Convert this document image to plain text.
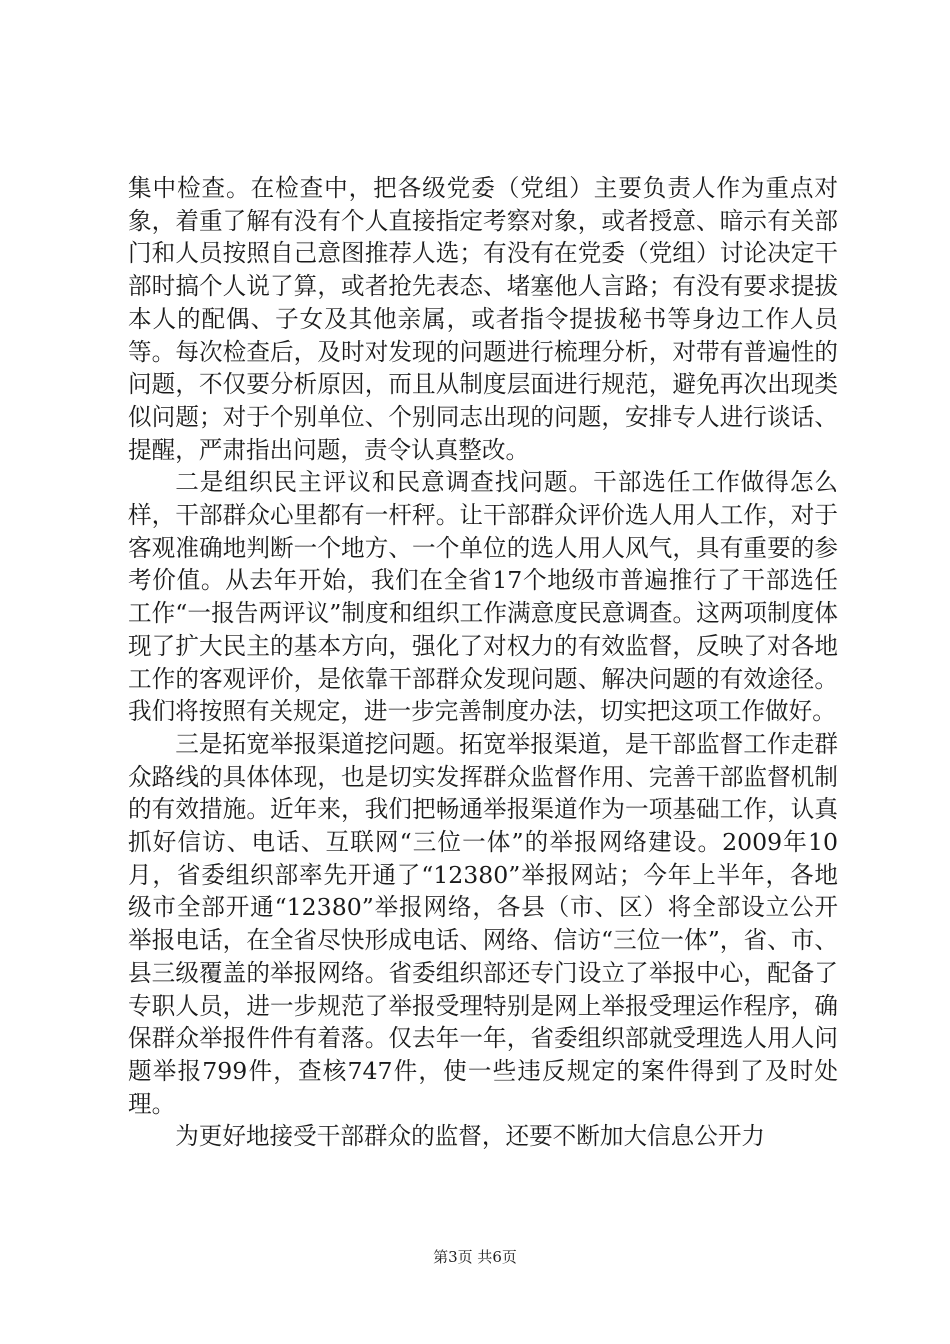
集中检查。在检查中，把各级党委（党组）主要负责人作为重点对象，着重了解有没有个人直接指定考察对象，或者授意、暗示有关部门和人员按照自己意图推荐人选；有没有在党委（党组）讨论决定干部时搞个人说了算，或者抢先表态、堵塞他人言路；有没有要求提拔本人的配偶、子女及其他亲属，或者指令提拔秘书等身边工作人员等。每次检查后，及时对发现的问题进行梳理分析，对带有普遍性的问题，不仅要分析原因，而且从制度层面进行规范，避免再次出现类似问题；对于个别单位、个别同志出现的问题，安排专人进行谈话、提醒，严肃指出问题，责令认真整改。

二是组织民主评议和民意调查找问题。干部选任工作做得怎么样，干部群众心里都有一杆秤。让干部群众评价选人用人工作，对于客观准确地判断一个地方、一个单位的选人用人风气，具有重要的参考价值。从去年开始，我们在全省17个地级市普遍推行了干部选任工作“一报告两评议”制度和组织工作满意度民意调查。这两项制度体现了扩大民主的基本方向，强化了对权力的有效监督，反映了对各地工作的客观评价，是依靠干部群众发现问题、解决问题的有效途径。我们将按照有关规定，进一步完善制度办法，切实把这项工作做好。

三是拓宽举报渠道挖问题。拓宽举报渠道，是干部监督工作走群众路线的具体体现，也是切实发挥群众监督作用、完善干部监督机制的有效措施。近年来，我们把畅通举报渠道作为一项基础工作，认真抓好信访、电话、互联网“三位一体”的举报网络建设。2009年10月，省委组织部率先开通了“12380”举报网站；今年上半年，各地级市全部开通“12380”举报网络，各县（市、区）将全部设立公开举报电话，在全省尽快形成电话、网络、信访“三位一体”，省、市、县三级覆盖的举报网络。省委组织部还专门设立了举报中心，配备了专职人员，进一步规范了举报受理特别是网上举报受理运作程序，确保群众举报件件有着落。仅去年一年，省委组织部就受理选人用人问题举报799件，查核747件，使一些违反规定的案件得到了及时处理。

为更好地接受干部群众的监督，还要不断加大信息公开力

第3页 共6页
